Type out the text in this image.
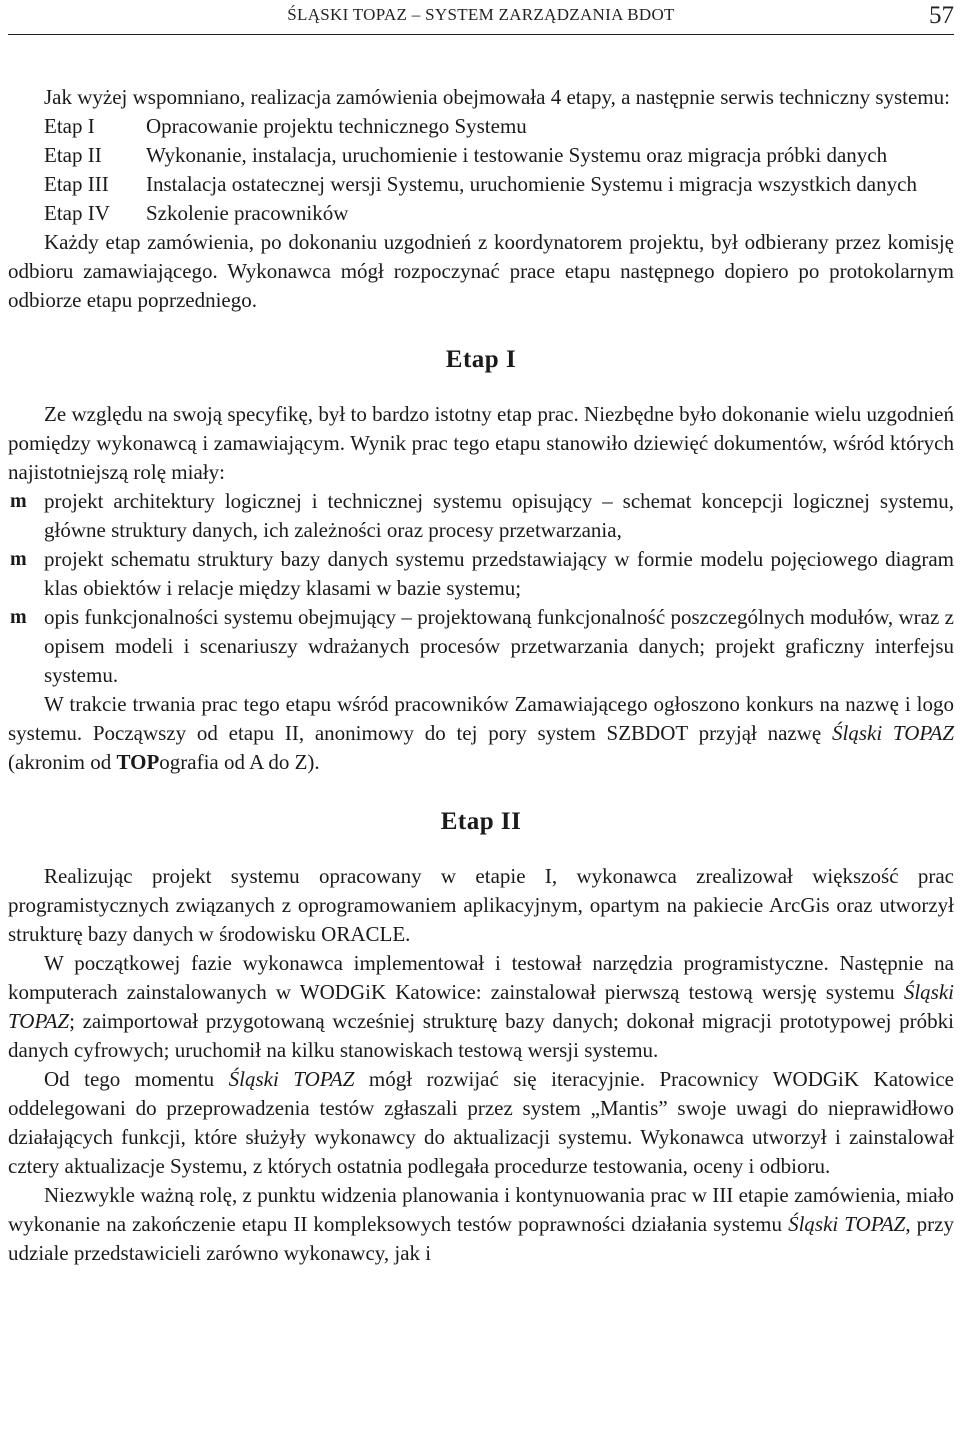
ŚLĄSKI TOPAZ – SYSTEM ZARZĄDZANIA BDOT	57

Jak wyżej wspomniano, realizacja zamówienia obejmowała 4 etapy, a następnie serwis techniczny systemu:

Etap I	Opracowanie projektu technicznego Systemu
Etap II	Wykonanie, instalacja, uruchomienie i testowanie Systemu oraz migracja próbki danych
Etap III	Instalacja ostatecznej wersji Systemu, uruchomienie Systemu i migracja wszystkich danych
Etap IV	Szkolenie pracowników

Każdy etap zamówienia, po dokonaniu uzgodnień z koordynatorem projektu, był odbierany przez komisję odbioru zamawiającego. Wykonawca mógł rozpoczynać prace etapu następnego dopiero po protokolarnym odbiorze etapu poprzedniego.

Etap I

Ze względu na swoją specyfikę, był to bardzo istotny etap prac. Niezbędne było dokonanie wielu uzgodnień pomiędzy wykonawcą i zamawiającym. Wynik prac tego etapu stanowiło dziewięć dokumentów, wśród których najistotniejszą rolę miały:

m projekt architektury logicznej i technicznej systemu opisujący – schemat koncepcji logicznej systemu, główne struktury danych, ich zależności oraz procesy przetwarzania,
m projekt schematu struktury bazy danych systemu przedstawiający w formie modelu pojęciowego diagram klas obiektów i relacje między klasami w bazie systemu;
m opis funkcjonalności systemu obejmujący – projektowaną funkcjonalność poszczególnych modułów, wraz z opisem modeli i scenariuszy wdrażanych procesów przetwarzania danych; projekt graficzny interfejsu systemu.

W trakcie trwania prac tego etapu wśród pracowników Zamawiającego ogłoszono konkurs na nazwę i logo systemu. Począwszy od etapu II, anonimowy do tej pory system SZBDOT przyjął nazwę Śląski TOPAZ (akronim od TOPografia od A do Z).

Etap II

Realizując projekt systemu opracowany w etapie I, wykonawca zrealizował większość prac programistycznych związanych z oprogramowaniem aplikacyjnym, opartym na pakiecie ArcGis oraz utworzył strukturę bazy danych w środowisku ORACLE.

W początkowej fazie wykonawca implementował i testował narzędzia programistyczne. Następnie na komputerach zainstalowanych w WODGiK Katowice: zainstalował pierwszą testową wersję systemu Śląski TOPAZ; zaimportował przygotowaną wcześniej strukturę bazy danych; dokonał migracji prototypowej próbki danych cyfrowych; uruchomił na kilku stanowiskach testową wersji systemu.

Od tego momentu Śląski TOPAZ mógł rozwijać się iteracyjnie. Pracownicy WODGiK Katowice oddelegowani do przeprowadzenia testów zgłaszali przez system „Mantis” swoje uwagi do nieprawidłowo działających funkcji, które służyły wykonawcy do aktualizacji systemu. Wykonawca utworzył i zainstalował cztery aktualizacje Systemu, z których ostatnia podlegała procedurze testowania, oceny i odbioru.

Niezwykle ważną rolę, z punktu widzenia planowania i kontynuowania prac w III etapie zamówienia, miało wykonanie na zakończenie etapu II kompleksowych testów poprawności działania systemu Śląski TOPAZ, przy udziale przedstawicieli zarówno wykonawcy, jak i
